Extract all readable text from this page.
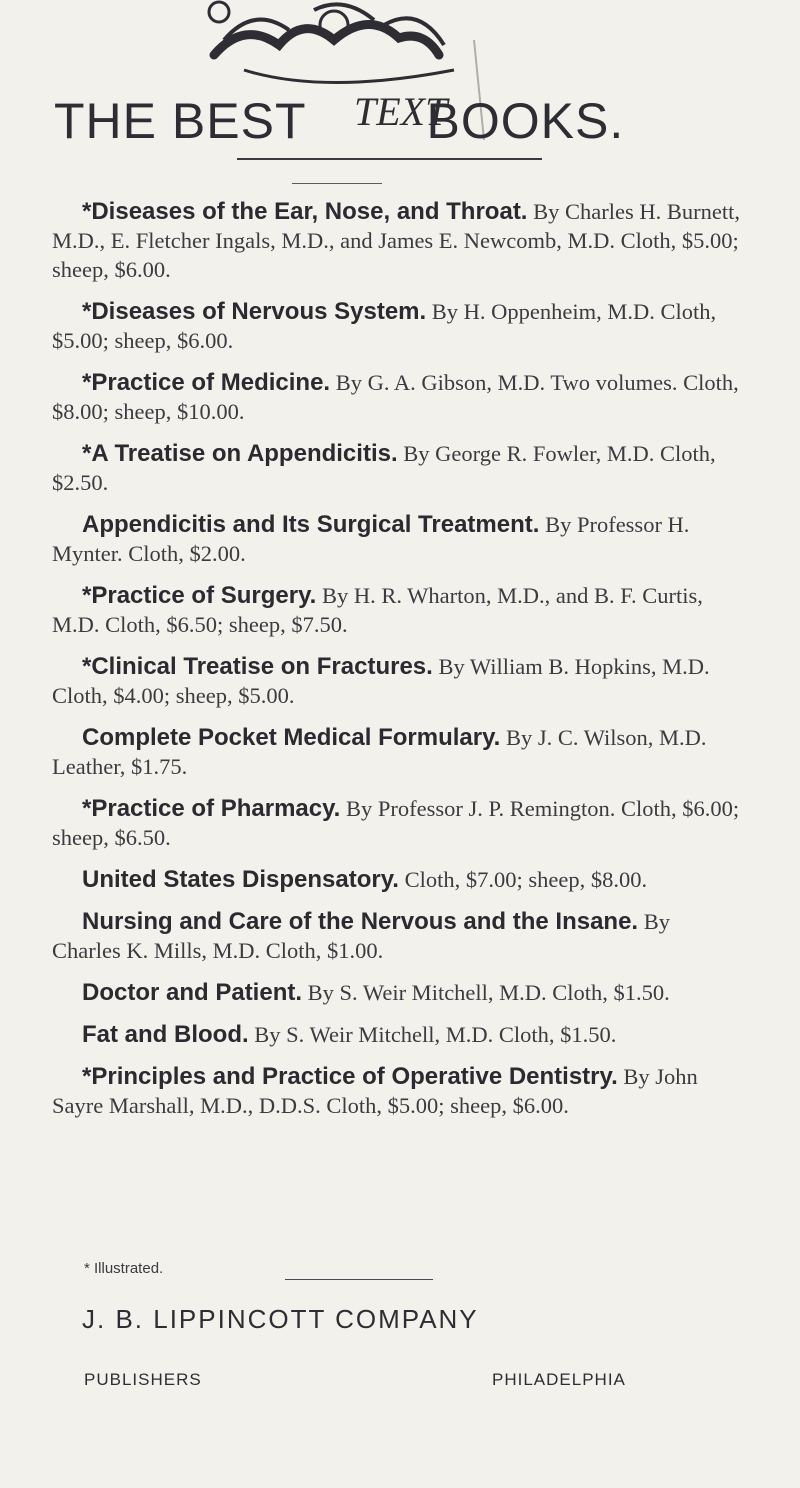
TEXT
THE BEST BOOKS.

*Diseases of the Ear, Nose, and Throat. By Charles H. Burnett, M.D., E. Fletcher Ingals, M.D., and James E. Newcomb, M.D. Cloth, $5.00; sheep, $6.00.

*Diseases of Nervous System. By H. Oppenheim, M.D. Cloth, $5.00; sheep, $6.00.

*Practice of Medicine. By G. A. Gibson, M.D. Two volumes. Cloth, $8.00; sheep, $10.00.

*A Treatise on Appendicitis. By George R. Fowler, M.D. Cloth, $2.50.

Appendicitis and Its Surgical Treatment. By Professor H. Mynter. Cloth, $2.00.

*Practice of Surgery. By H. R. Wharton, M.D., and B. F. Curtis, M.D. Cloth, $6.50; sheep, $7.50.

*Clinical Treatise on Fractures. By William B. Hopkins, M.D. Cloth, $4.00; sheep, $5.00.

Complete Pocket Medical Formulary. By J. C. Wilson, M.D. Leather, $1.75.

*Practice of Pharmacy. By Professor J. P. Remington. Cloth, $6.00; sheep, $6.50.

United States Dispensatory. Cloth, $7.00; sheep, $8.00.

Nursing and Care of the Nervous and the Insane. By Charles K. Mills, M.D. Cloth, $1.00.

Doctor and Patient. By S. Weir Mitchell, M.D. Cloth, $1.50.

Fat and Blood. By S. Weir Mitchell, M.D. Cloth, $1.50.

*Principles and Practice of Operative Dentistry. By John Sayre Marshall, M.D., D.D.S. Cloth, $5.00; sheep, $6.00.

* Illustrated.
J. B. LIPPINCOTT COMPANY
PUBLISHERS	PHILADELPHIA
